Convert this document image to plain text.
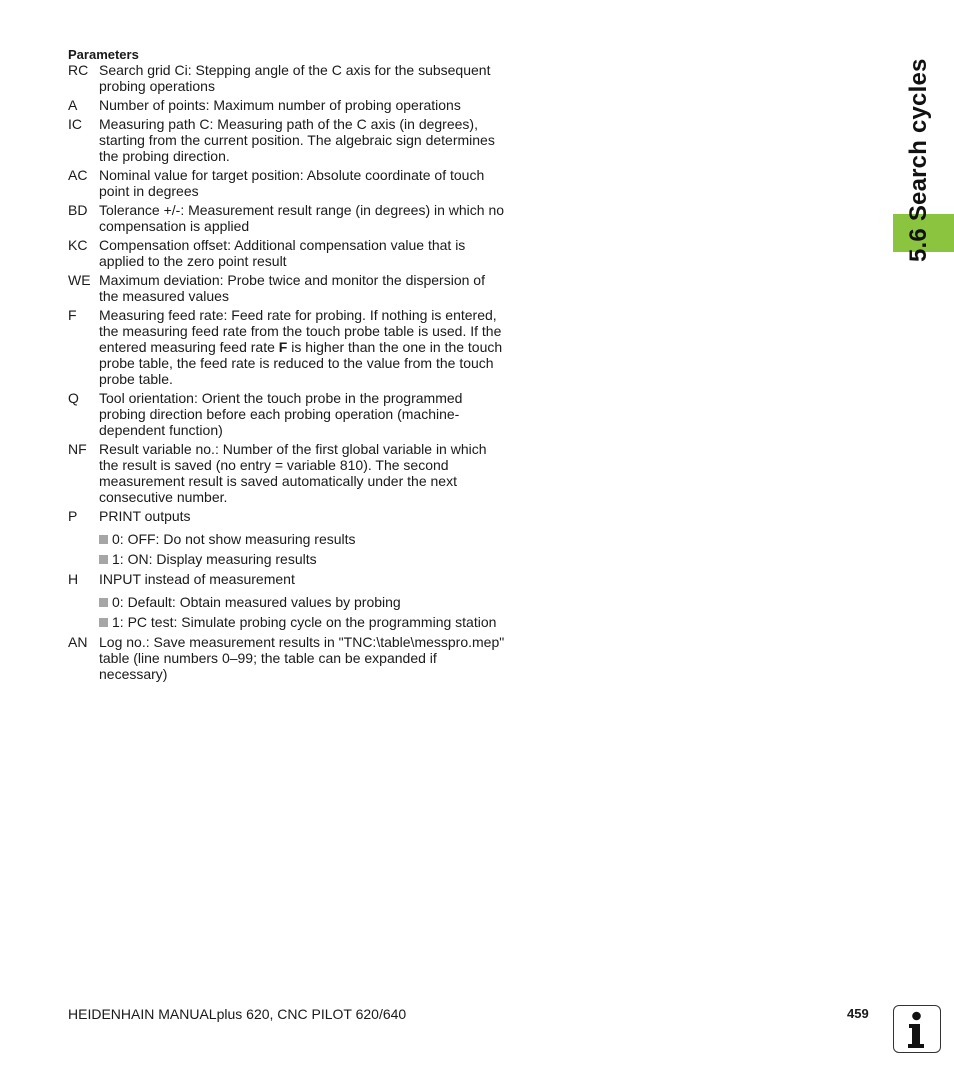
Parameters
RC Search grid Ci: Stepping angle of the C axis for the subsequent probing operations
A	Number of points: Maximum number of probing operations
IC	Measuring path C: Measuring path of the C axis (in degrees), starting from the current position. The algebraic sign determines the probing direction.
AC Nominal value for target position: Absolute coordinate of touch point in degrees
BD Tolerance +/-: Measurement result range (in degrees) in which no compensation is applied
KC Compensation offset: Additional compensation value that is applied to the zero point result
WE Maximum deviation: Probe twice and monitor the dispersion of the measured values
F	Measuring feed rate: Feed rate for probing. If nothing is entered, the measuring feed rate from the touch probe table is used. If the entered measuring feed rate F is higher than the one in the touch probe table, the feed rate is reduced to the value from the touch probe table.
Q	Tool orientation: Orient the touch probe in the programmed probing direction before each probing operation (machine-dependent function)
NF Result variable no.: Number of the first global variable in which the result is saved (no entry = variable 810). The second measurement result is saved automatically under the next consecutive number.
P	PRINT outputs
0: OFF: Do not show measuring results
1: ON: Display measuring results
H	INPUT instead of measurement
0: Default: Obtain measured values by probing
1: PC test: Simulate probing cycle on the programming station
AN Log no.: Save measurement results in "TNC:\table\messpro.mep" table (line numbers 0–99; the table can be expanded if necessary)
5.6 Search cycles
HEIDENHAIN MANUALplus 620, CNC PILOT 620/640	459
